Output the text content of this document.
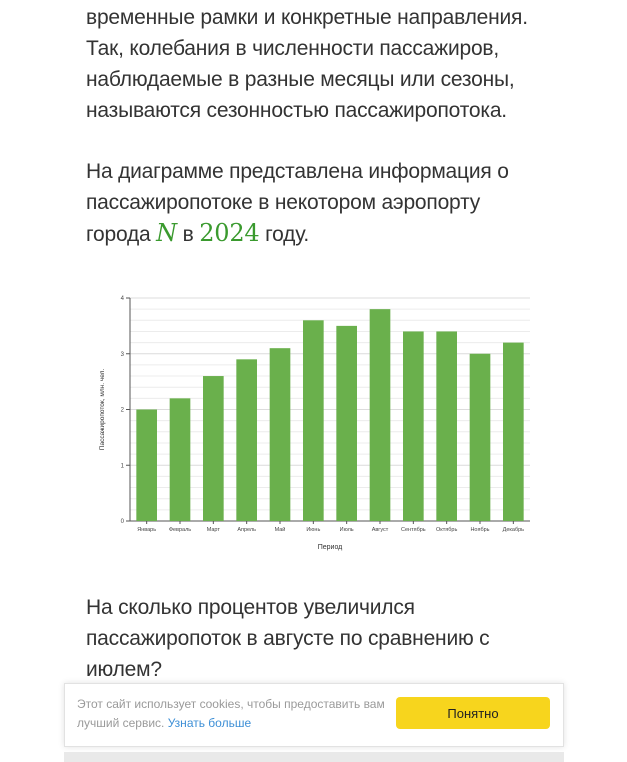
временные рамки и конкретные направления.
Так, колебания в численности пассажиров,
наблюдаемые в разные месяцы или сезоны,
называются сезонностью пассажиропотока.

На диаграмме представлена информация о
пассажиропотоке в некотором аэропорту
города N в 2024 году.

На сколько процентов увеличился
пассажиропоток в августе по сравнению с
июлем?

0
1
2
3
4
Январь Февраль	Март	Апрель	Май	Июнь	Июль	Август Сентябрь Октябрь Ноябрь Декабрь
Период
Пассажиропоток, млн. чел.
Этот сайт использует cookies, чтобы предоставить вам лучший сервис. Узнать больше
Понятно
